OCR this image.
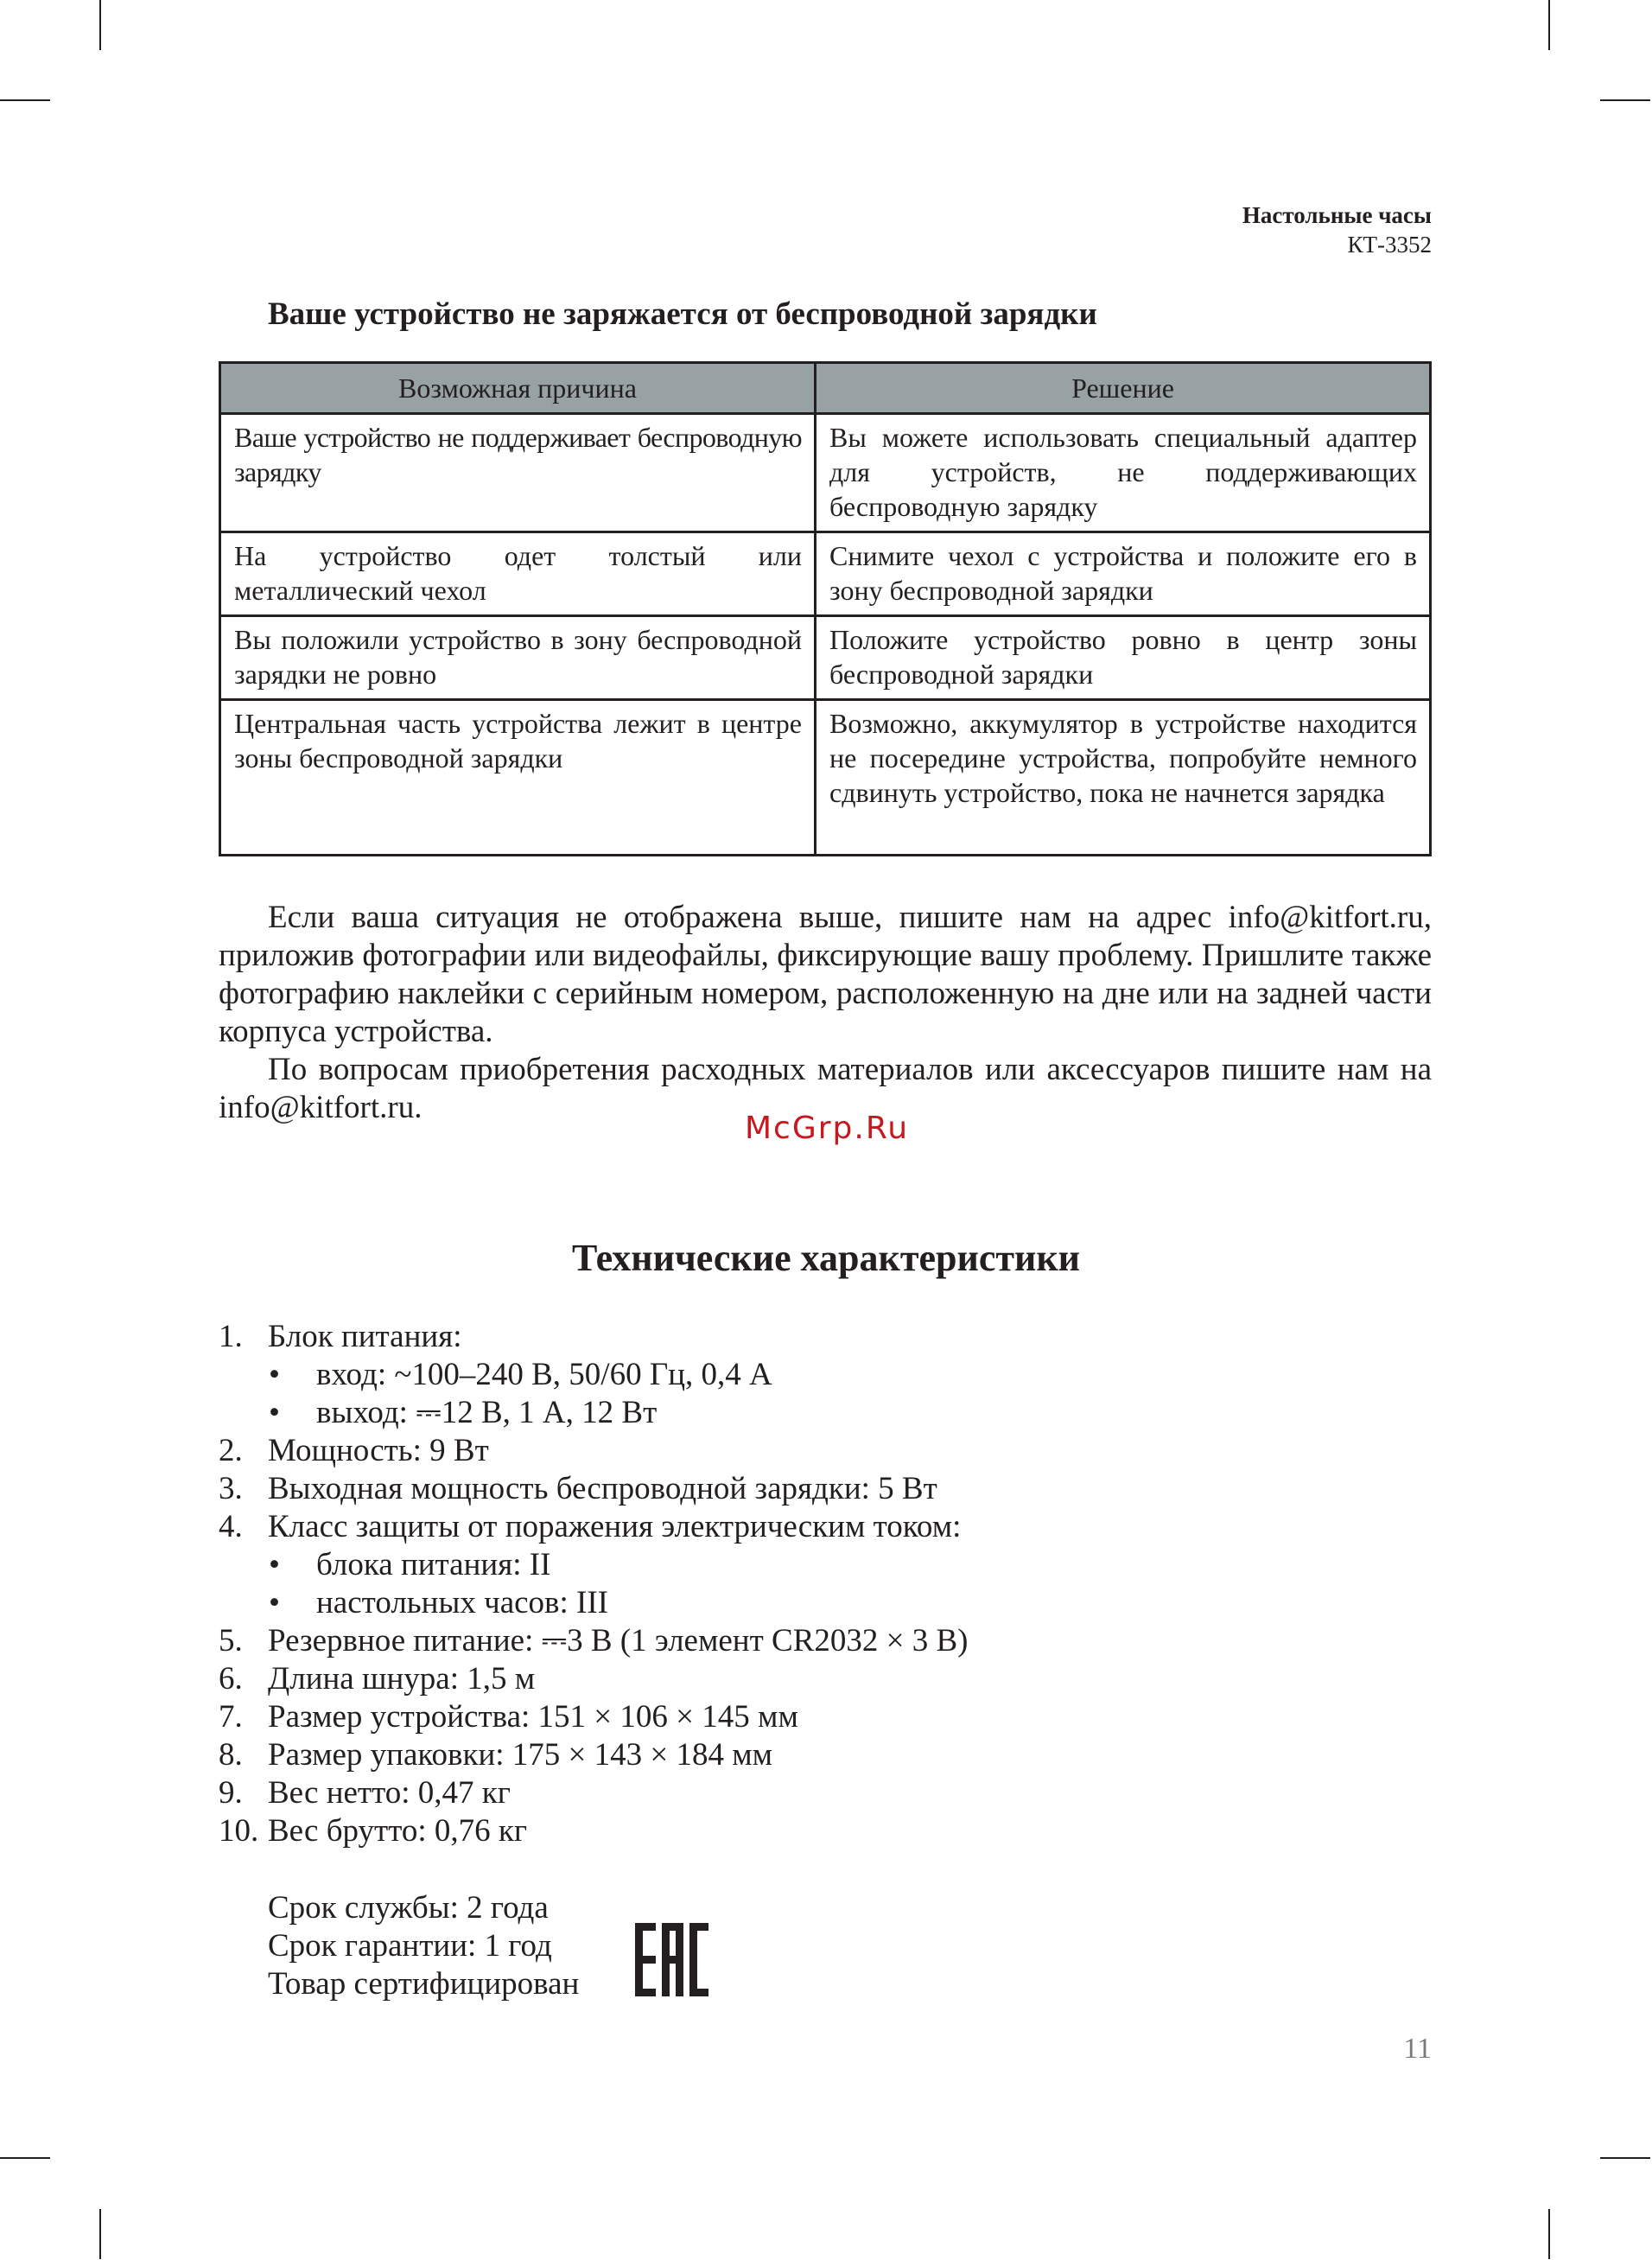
Настольные часы
КТ-3352
Ваше устройство не заряжается от беспроводной зарядки
Возможная причина	Решение
Ваше устройство не поддерживает беспроводную зарядку	Вы можете использовать специальный адаптер для устройств, не поддерживающих беспроводную зарядку
На устройство одет толстый или металлический чехол	Снимите чехол с устройства и положите его в зону беспроводной зарядки
Вы положили устройство в зону беспроводной зарядки не ровно	Положите устройство ровно в центр зоны беспроводной зарядки
Центральная часть устройства лежит в центре зоны беспроводной зарядки	Возможно, аккумулятор в устройстве находится не посередине устройства, попробуйте немного сдвинуть устройство, пока не начнется зарядка

Если ваша ситуация не отображена выше, пишите нам на адрес info@kitfort.ru, приложив фотографии или видеофайлы, фиксирующие вашу проблему. Пришлите также фотографию наклейки с серийным номером, расположенную на дне или на задней части корпуса устройства.

По вопросам приобретения расходных материалов или аксессуаров пишите нам на info@kitfort.ru.

McGrp.Ru
Технические характеристики
1. Блок питания:
• вход: ~100–240 В, 50/60 Гц, 0,4 А
• выход: ⎓12 В, 1 А, 12 Вт
2. Мощность: 9 Вт
3. Выходная мощность беспроводной зарядки: 5 Вт
4. Класс защиты от поражения электрическим током:
• блока питания: II
• настольных часов: III
5. Резервное питание: ⎓3 В (1 элемент CR2032 × 3 В)
6. Длина шнура: 1,5 м
7. Размер устройства: 151 × 106 × 145 мм
8. Размер упаковки: 175 × 143 × 184 мм
9. Вес нетто: 0,47 кг
10. Вес брутто: 0,76 кг
Срок службы: 2 года
Срок гарантии: 1 год
Товар сертифицирован
11
